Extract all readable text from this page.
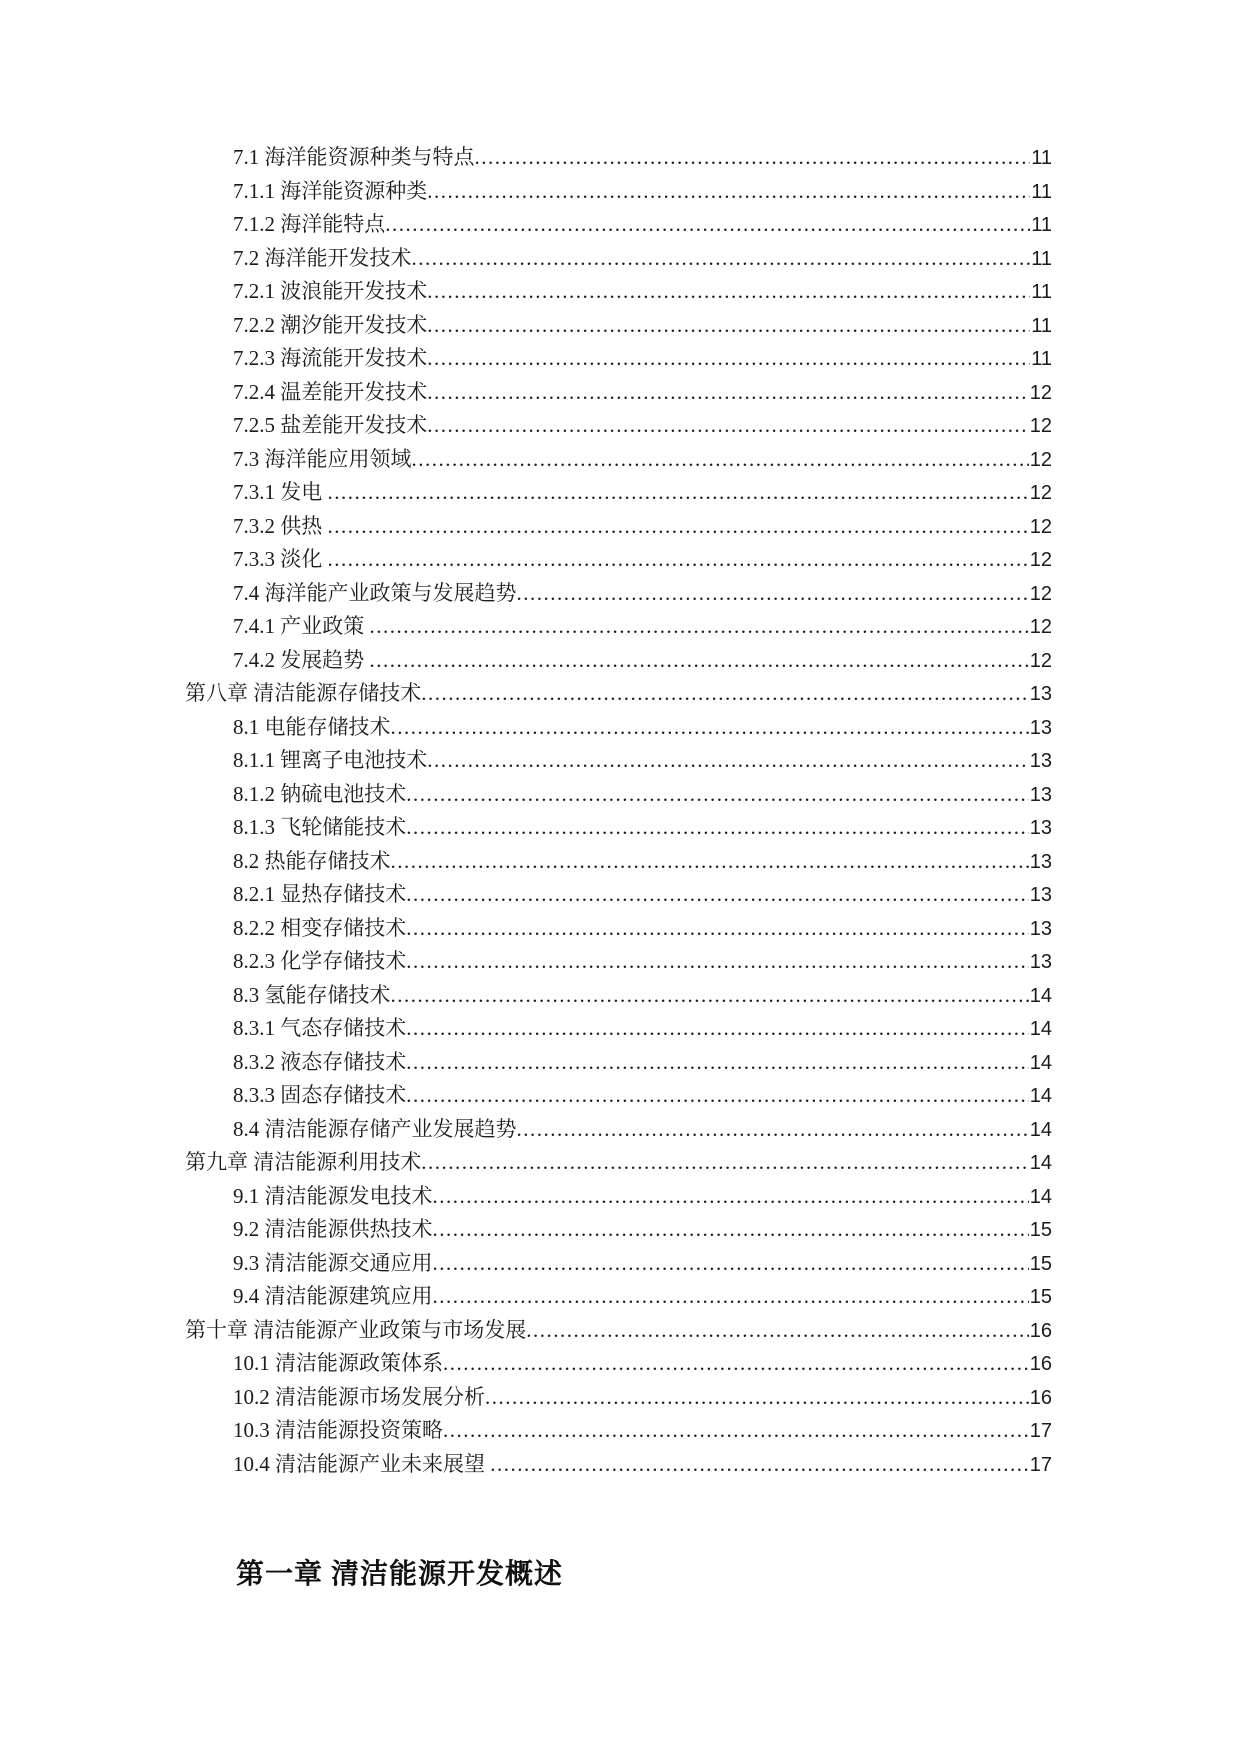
7.1 海洋能资源种类与特点 .....	11
7.1.1 海洋能资源种类 .....	11
7.1.2 海洋能特点 .....	11
7.2 海洋能开发技术 .....	11
7.2.1 波浪能开发技术 .....	11
7.2.2 潮汐能开发技术 .....	11
7.2.3 海流能开发技术 .....	11
7.2.4 温差能开发技术 .....	12
7.2.5 盐差能开发技术 .....	12
7.3 海洋能应用领域 .....	12
7.3.1 发电 .....	12
7.3.2 供热 .....	12
7.3.3 淡化 .....	12
7.4 海洋能产业政策与发展趋势 .....	12
7.4.1 产业政策 .....	12
7.4.2 发展趋势 .....	12
第八章 清洁能源存储技术 .....	13
8.1 电能存储技术 .....	13
8.1.1 锂离子电池技术 .....	13
8.1.2 钠硫电池技术 .....	13
8.1.3 飞轮储能技术 .....	13
8.2 热能存储技术 .....	13
8.2.1 显热存储技术 .....	13
8.2.2 相变存储技术 .....	13
8.2.3 化学存储技术 .....	13
8.3 氢能存储技术 .....	14
8.3.1 气态存储技术 .....	14
8.3.2 液态存储技术 .....	14
8.3.3 固态存储技术 .....	14
8.4 清洁能源存储产业发展趋势 .....	14
第九章 清洁能源利用技术 .....	14
9.1 清洁能源发电技术 .....	14
9.2 清洁能源供热技术 .....	15
9.3 清洁能源交通应用 .....	15
9.4 清洁能源建筑应用 .....	15
第十章 清洁能源产业政策与市场发展 .....	16
10.1 清洁能源政策体系 .....	16
10.2 清洁能源市场发展分析 .....	16
10.3 清洁能源投资策略 .....	17
10.4 清洁能源产业未来展望 .....	17
第一章 清洁能源开发概述
